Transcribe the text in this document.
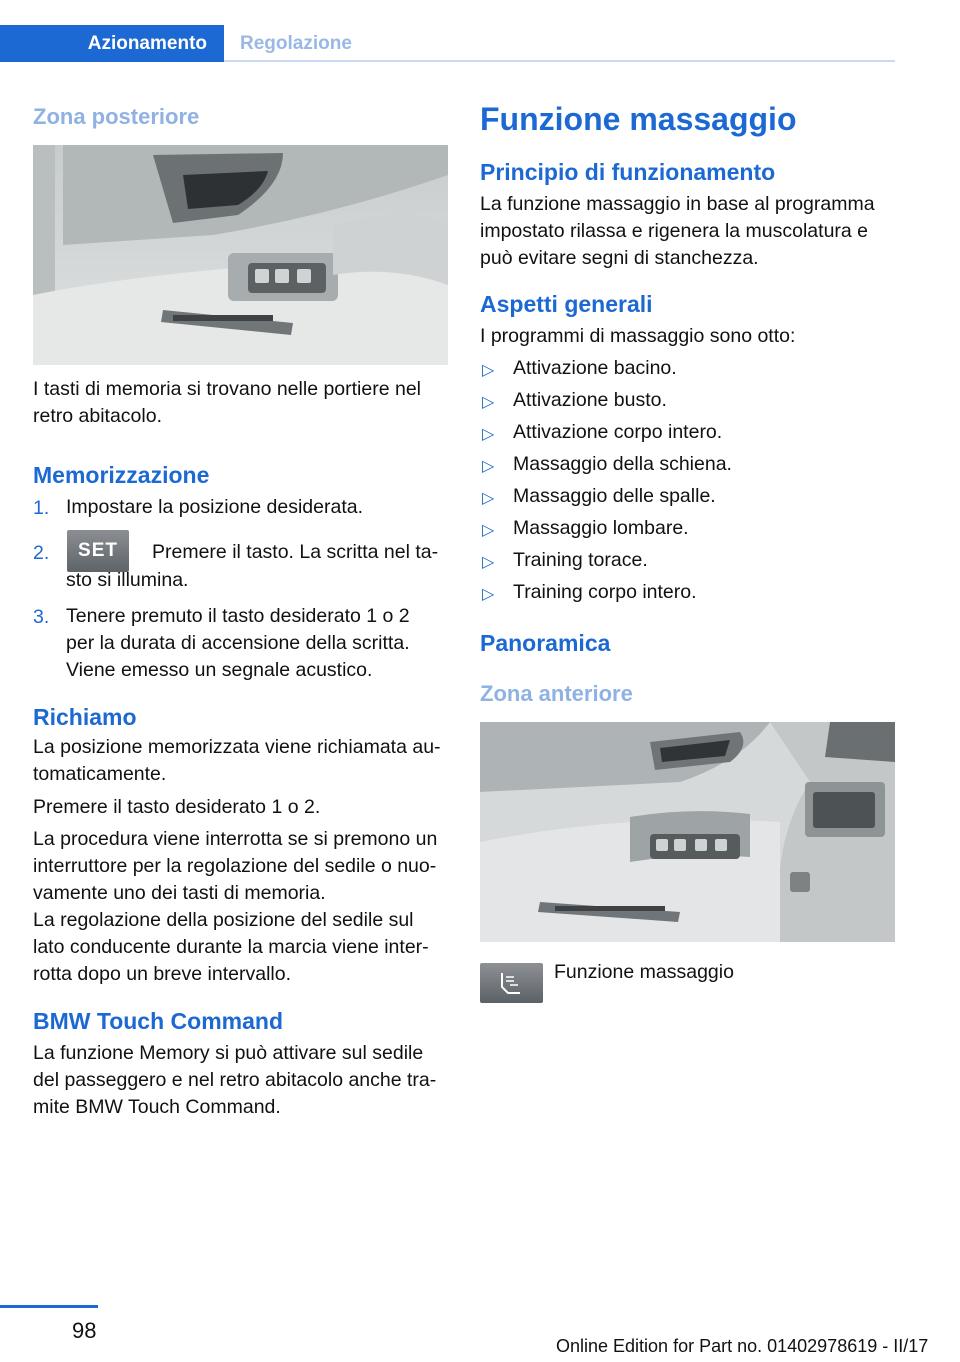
Azionamento	Regolazione
Zona posteriore
I tasti di memoria si trovano nelle portiere nel retro abitacolo.
Memorizzazione
1. Impostare la posizione desiderata.
2.	SET	Premere il tasto. La scritta nel ta‐
sto si illumina.
3. Tenere premuto il tasto desiderato 1 o 2 per la durata di accensione della scritta. Viene emesso un segnale acustico.
Richiamo
La posizione memorizzata viene richiamata au‐ tomaticamente.
Premere il tasto desiderato 1 o 2.
La procedura viene interrotta se si premono un interruttore per la regolazione del sedile o nuo‐ vamente uno dei tasti di memoria.
La regolazione della posizione del sedile sul lato conducente durante la marcia viene inter‐ rotta dopo un breve intervallo.
BMW Touch Command
La funzione Memory si può attivare sul sedile del passeggero e nel retro abitacolo anche tra‐ mite BMW Touch Command.
Funzione massaggio
Principio di funzionamento
La funzione massaggio in base al programma impostato rilassa e rigenera la muscolatura e può evitare segni di stanchezza.
Aspetti generali
I programmi di massaggio sono otto:
▷ Attivazione bacino.
▷ Attivazione busto.
▷ Attivazione corpo intero.
▷ Massaggio della schiena.
▷ Massaggio delle spalle.
▷ Massaggio lombare.
▷ Training torace.
▷ Training corpo intero.
Panoramica
Zona anteriore
Funzione massaggio
98
Online Edition for Part no. 01402978619 - II/17
